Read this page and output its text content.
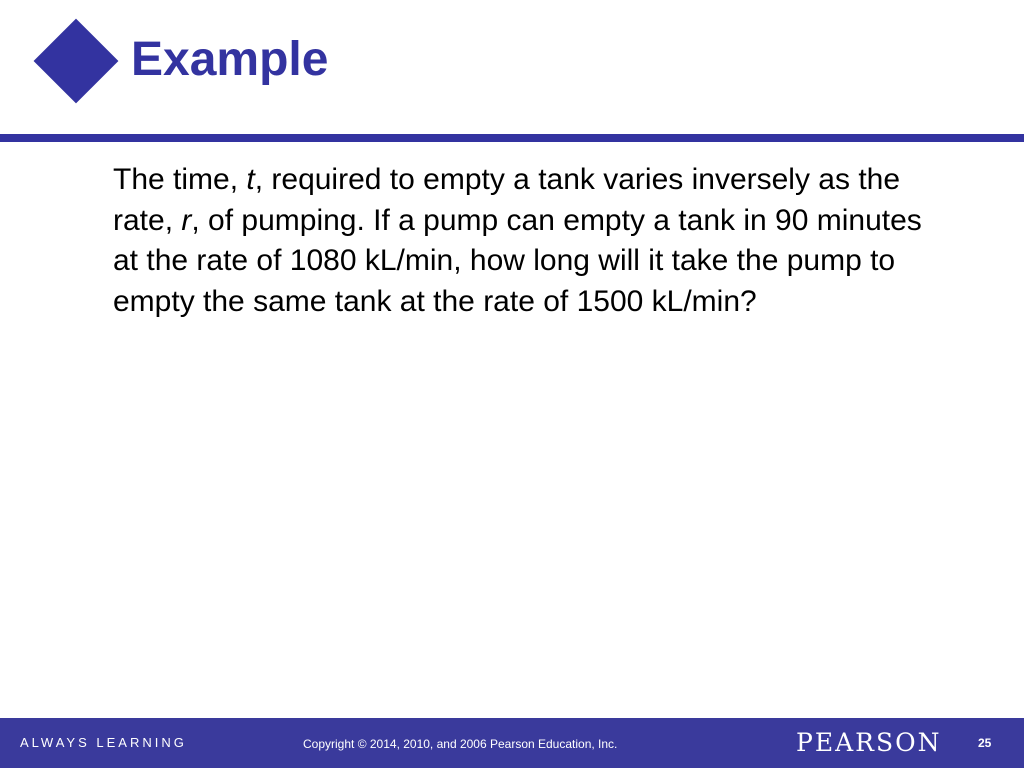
Example

The time, t, required to empty a tank varies inversely as the rate, r, of pumping. If a pump can empty a tank in 90 minutes at the rate of 1080 kL/min, how long will it take the pump to empty the same tank at the rate of 1500 kL/min?

ALWAYS LEARNING	Copyright © 2014, 2010, and 2006 Pearson Education, Inc.	PEARSON	25
